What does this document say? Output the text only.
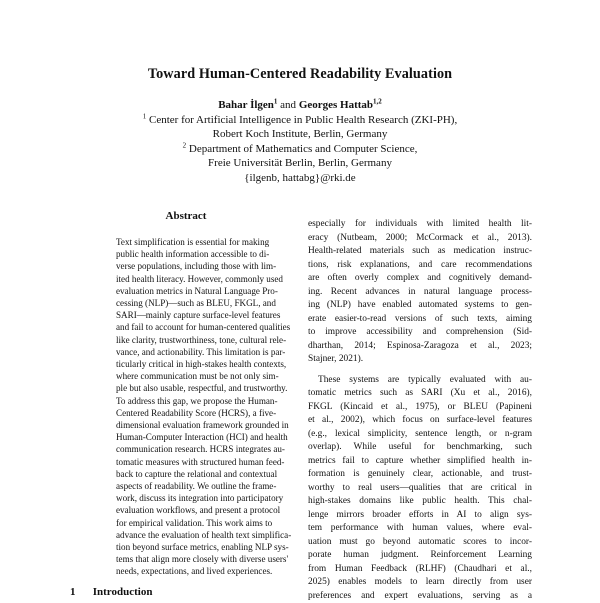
Toward Human-Centered Readability Evaluation
Bahar İlgen$^1$ and Georges Hattab$^{1,2}$
$^1$ Center for Artificial Intelligence in Public Health Research (ZKI-PH),
Robert Koch Institute, Berlin, Germany
$^2$ Department of Mathematics and Computer Science,
Freie Universität Berlin, Berlin, Germany
{ilgenb, hattabg}@rki.de
Abstract
Text simplification is essential for making
public health information accessible to di-
verse populations, including those with lim-
ited health literacy. However, commonly used
evaluation metrics in Natural Language Pro-
cessing (NLP)—such as BLEU, FKGL, and
SARI—mainly capture surface-level features
and fail to account for human-centered qualities
like clarity, trustworthiness, tone, cultural rele-
vance, and actionability. This limitation is par-
ticularly critical in high-stakes health contexts,
where communication must be not only sim-
ple but also usable, respectful, and trustworthy.
To address this gap, we propose the Human-
Centered Readability Score (HCRS), a five-
dimensional evaluation framework grounded in
Human-Computer Interaction (HCI) and health
communication research. HCRS integrates au-
tomatic measures with structured human feed-
back to capture the relational and contextual
aspects of readability. We outline the frame-
work, discuss its integration into participatory
evaluation workflows, and present a protocol
for empirical validation. This work aims to
advance the evaluation of health text simplifica-
tion beyond surface metrics, enabling NLP sys-
tems that align more closely with diverse users'
needs, expectations, and lived experiences.
especially for individuals with limited health lit-
eracy (Nutbeam, 2000; McCormack et al., 2013).
Health-related materials such as medication instruc-
tions, risk explanations, and care recommendations
are often overly complex and cognitively demand-
ing. Recent advances in natural language process-
ing (NLP) have enabled automated systems to gen-
erate easier-to-read versions of such texts, aiming
to improve accessibility and comprehension (Sid-
dharthan, 2014; Espinosa-Zaragoza et al., 2023;
Stajner, 2021).
These systems are typically evaluated with au-
tomatic metrics such as SARI (Xu et al., 2016),
FKGL (Kincaid et al., 1975), or BLEU (Papineni
et al., 2002), which focus on surface-level features
(e.g., lexical simplicity, sentence length, or n-gram
overlap). While useful for benchmarking, such
metrics fail to capture whether simplified health in-
formation is genuinely clear, actionable, and trust-
worthy to real users—qualities that are critical in
high-stakes domains like public health. This chal-
lenge mirrors broader efforts in AI to align sys-
tem performance with human values, where eval-
uation must go beyond automatic scores to incor-
porate human judgment. Reinforcement Learning
from Human Feedback (RLHF) (Chaudhari et al.,
2025) enables models to learn directly from user
preferences and expert evaluations, serving as a
1 Introduction
